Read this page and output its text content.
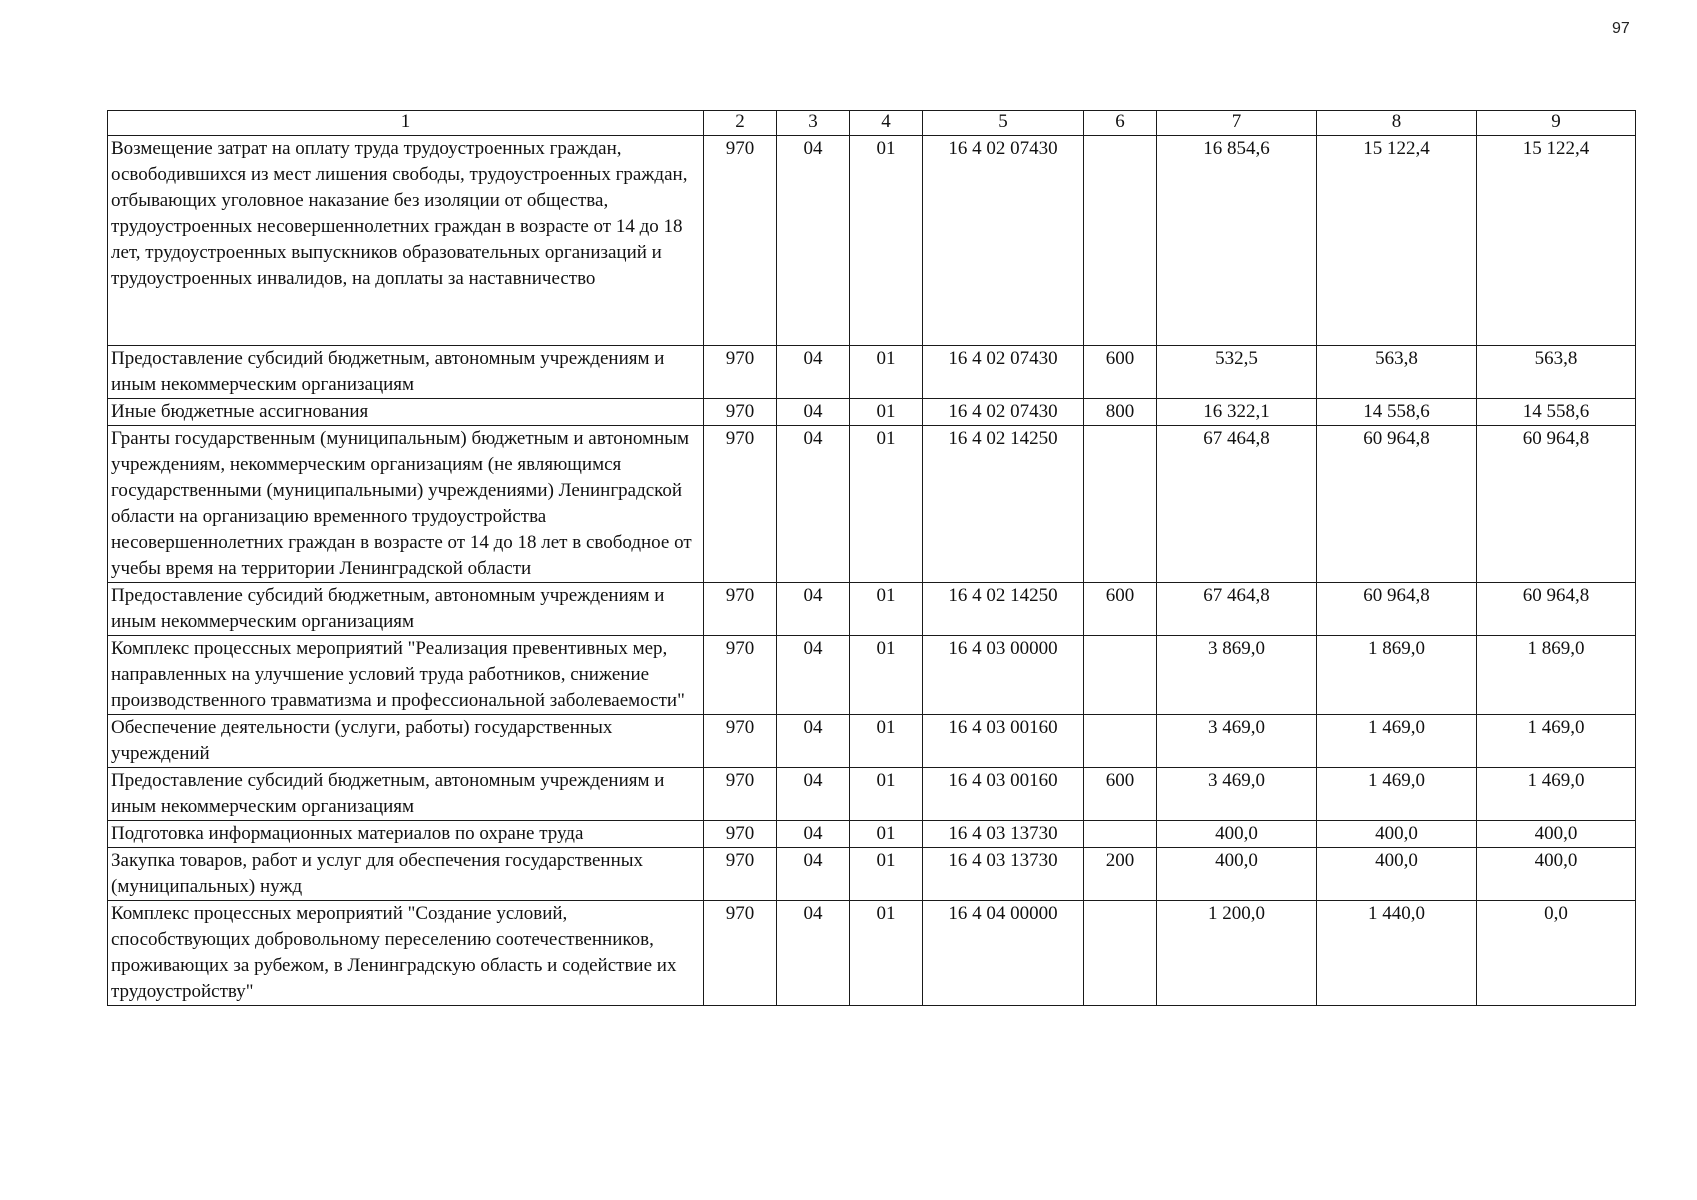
97
1	2	3	4	5	6	7	8	9
Возмещение затрат на оплату труда трудоустроенных граждан, освободившихся из мест лишения свободы, трудоустроенных граждан, отбывающих уголовное наказание без изоляции от общества, трудоустроенных несовершеннолетних граждан в возрасте от 14 до 18 лет, трудоустроенных выпускников образовательных организаций и трудоустроенных инвалидов, на доплаты за наставничество	970	04	01	16 4 02 07430		16 854,6	15 122,4	15 122,4
Предоставление субсидий бюджетным, автономным учреждениям и иным некоммерческим организациям	970	04	01	16 4 02 07430	600	532,5	563,8	563,8
Иные бюджетные ассигнования	970	04	01	16 4 02 07430	800	16 322,1	14 558,6	14 558,6
Гранты государственным (муниципальным) бюджетным и автономным учреждениям, некоммерческим организациям (не являющимся государственными (муниципальными) учреждениями) Ленинградской области на организацию временного трудоустройства несовершеннолетних граждан в возрасте от 14 до 18 лет в свободное от учебы время на территории Ленинградской области	970	04	01	16 4 02 14250		67 464,8	60 964,8	60 964,8
Предоставление субсидий бюджетным, автономным учреждениям и иным некоммерческим организациям	970	04	01	16 4 02 14250	600	67 464,8	60 964,8	60 964,8
Комплекс процессных мероприятий "Реализация превентивных мер, направленных на улучшение условий труда работников, снижение производственного травматизма и профессиональной заболеваемости"	970	04	01	16 4 03 00000		3 869,0	1 869,0	1 869,0
Обеспечение деятельности (услуги, работы) государственных учреждений	970	04	01	16 4 03 00160		3 469,0	1 469,0	1 469,0
Предоставление субсидий бюджетным, автономным учреждениям и иным некоммерческим организациям	970	04	01	16 4 03 00160	600	3 469,0	1 469,0	1 469,0
Подготовка информационных материалов по охране труда	970	04	01	16 4 03 13730		400,0	400,0	400,0
Закупка товаров, работ и услуг для обеспечения государственных (муниципальных) нужд	970	04	01	16 4 03 13730	200	400,0	400,0	400,0
Комплекс процессных мероприятий "Создание условий, способствующих добровольному переселению соотечественников, проживающих за рубежом, в Ленинградскую область и содействие их трудоустройству"	970	04	01	16 4 04 00000		1 200,0	1 440,0	0,0
